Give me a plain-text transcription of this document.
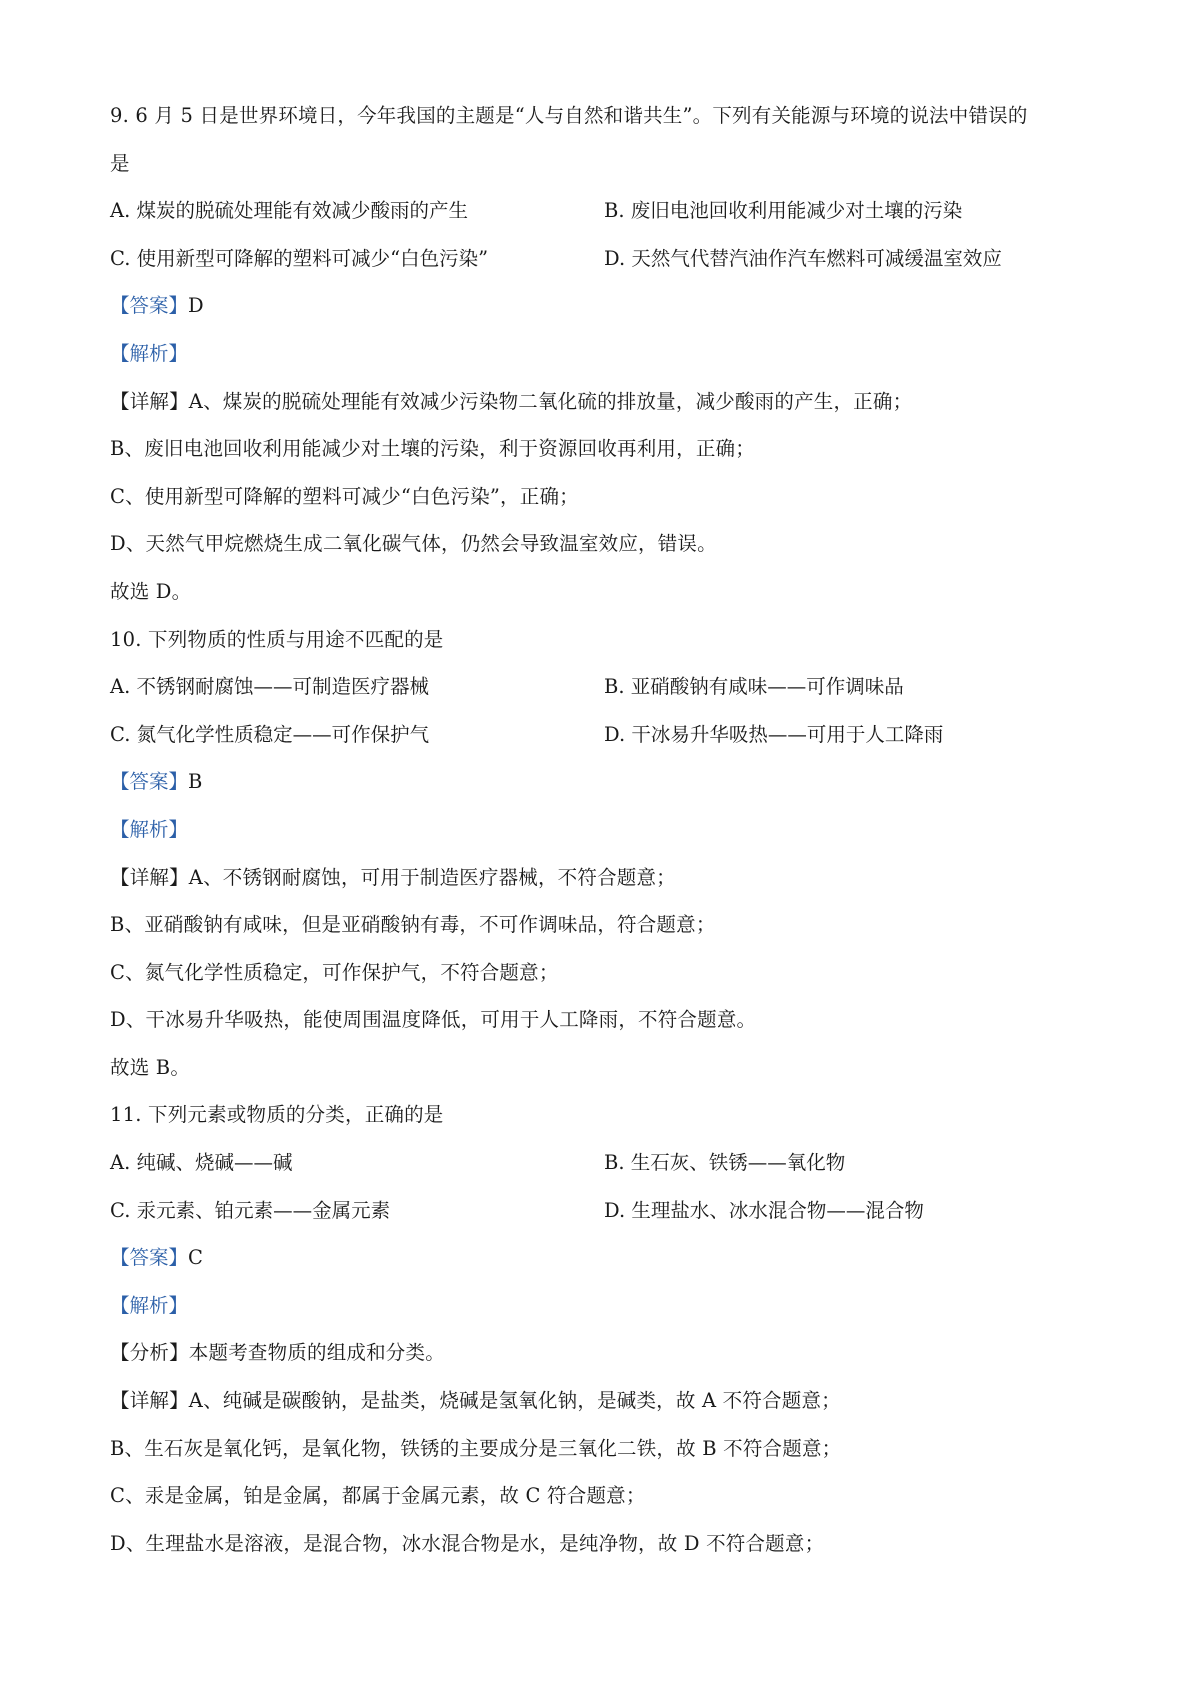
9. 6 月 5 日是世界环境日，今年我国的主题是“人与自然和谐共生”。下列有关能源与环境的说法中错误的
是
A. 煤炭的脱硫处理能有效减少酸雨的产生	B. 废旧电池回收利用能减少对土壤的污染
C. 使用新型可降解的塑料可减少“白色污染”	D. 天然气代替汽油作汽车燃料可减缓温室效应
【答案】D
【解析】
【详解】A、煤炭的脱硫处理能有效减少污染物二氧化硫的排放量，减少酸雨的产生，正确；
B、废旧电池回收利用能减少对土壤的污染，利于资源回收再利用，正确；
C、使用新型可降解的塑料可减少“白色污染”，正确；
D、天然气甲烷燃烧生成二氧化碳气体，仍然会导致温室效应，错误。
故选 D。
10. 下列物质的性质与用途不匹配的是
A. 不锈钢耐腐蚀——可制造医疗器械	B. 亚硝酸钠有咸味——可作调味品
C. 氮气化学性质稳定——可作保护气	D. 干冰易升华吸热——可用于人工降雨
【答案】B
【解析】
【详解】A、不锈钢耐腐蚀，可用于制造医疗器械，不符合题意；
B、亚硝酸钠有咸味，但是亚硝酸钠有毒，不可作调味品，符合题意；
C、氮气化学性质稳定，可作保护气，不符合题意；
D、干冰易升华吸热，能使周围温度降低，可用于人工降雨，不符合题意。
故选 B。
11. 下列元素或物质的分类，正确的是
A. 纯碱、烧碱——碱	B. 生石灰、铁锈——氧化物
C. 汞元素、铂元素——金属元素	D. 生理盐水、冰水混合物——混合物
【答案】C
【解析】
【分析】本题考查物质的组成和分类。
【详解】A、纯碱是碳酸钠，是盐类，烧碱是氢氧化钠，是碱类，故 A 不符合题意；
B、生石灰是氧化钙，是氧化物，铁锈的主要成分是三氧化二铁，故 B 不符合题意；
C、汞是金属，铂是金属，都属于金属元素，故 C 符合题意；
D、生理盐水是溶液，是混合物，冰水混合物是水，是纯净物，故 D 不符合题意；
